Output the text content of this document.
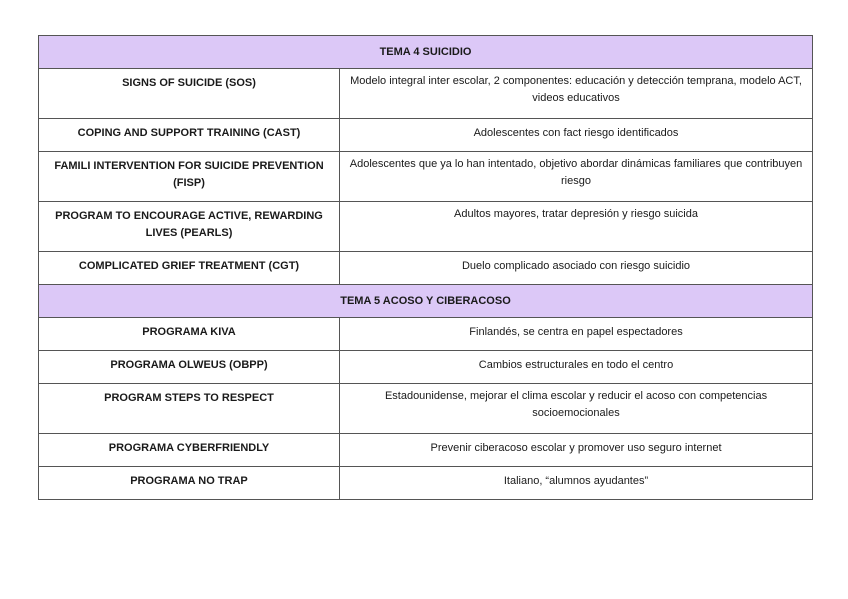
TEMA 4 SUICIDIO	
SIGNS OF SUICIDE (SOS)	Modelo integral inter escolar, 2 componentes: educación y detección temprana, modelo ACT, videos educativos
COPING AND SUPPORT TRAINING (CAST)	Adolescentes con fact riesgo identificados
FAMILI INTERVENTION FOR SUICIDE PREVENTION (FISP)	Adolescentes que ya lo han intentado, objetivo abordar dinámicas familiares que contribuyen riesgo
PROGRAM TO ENCOURAGE ACTIVE, REWARDING LIVES (PEARLS)	Adultos mayores, tratar depresión y riesgo suicida
COMPLICATED GRIEF TREATMENT (CGT)	Duelo complicado asociado con riesgo suicidio
TEMA 5 ACOSO Y CIBERACOSO	
PROGRAMA KIVA	Finlandés, se centra en papel espectadores
PROGRAMA OLWEUS (OBPP)	Cambios estructurales en todo el centro
PROGRAM STEPS TO RESPECT	Estadounidense, mejorar el clima escolar y reducir el acoso con competencias socioemocionales
PROGRAMA CYBERFRIENDLY	Prevenir ciberacoso escolar y promover uso seguro internet
PROGRAMA NO TRAP	Italiano, “alumnos ayudantes”
